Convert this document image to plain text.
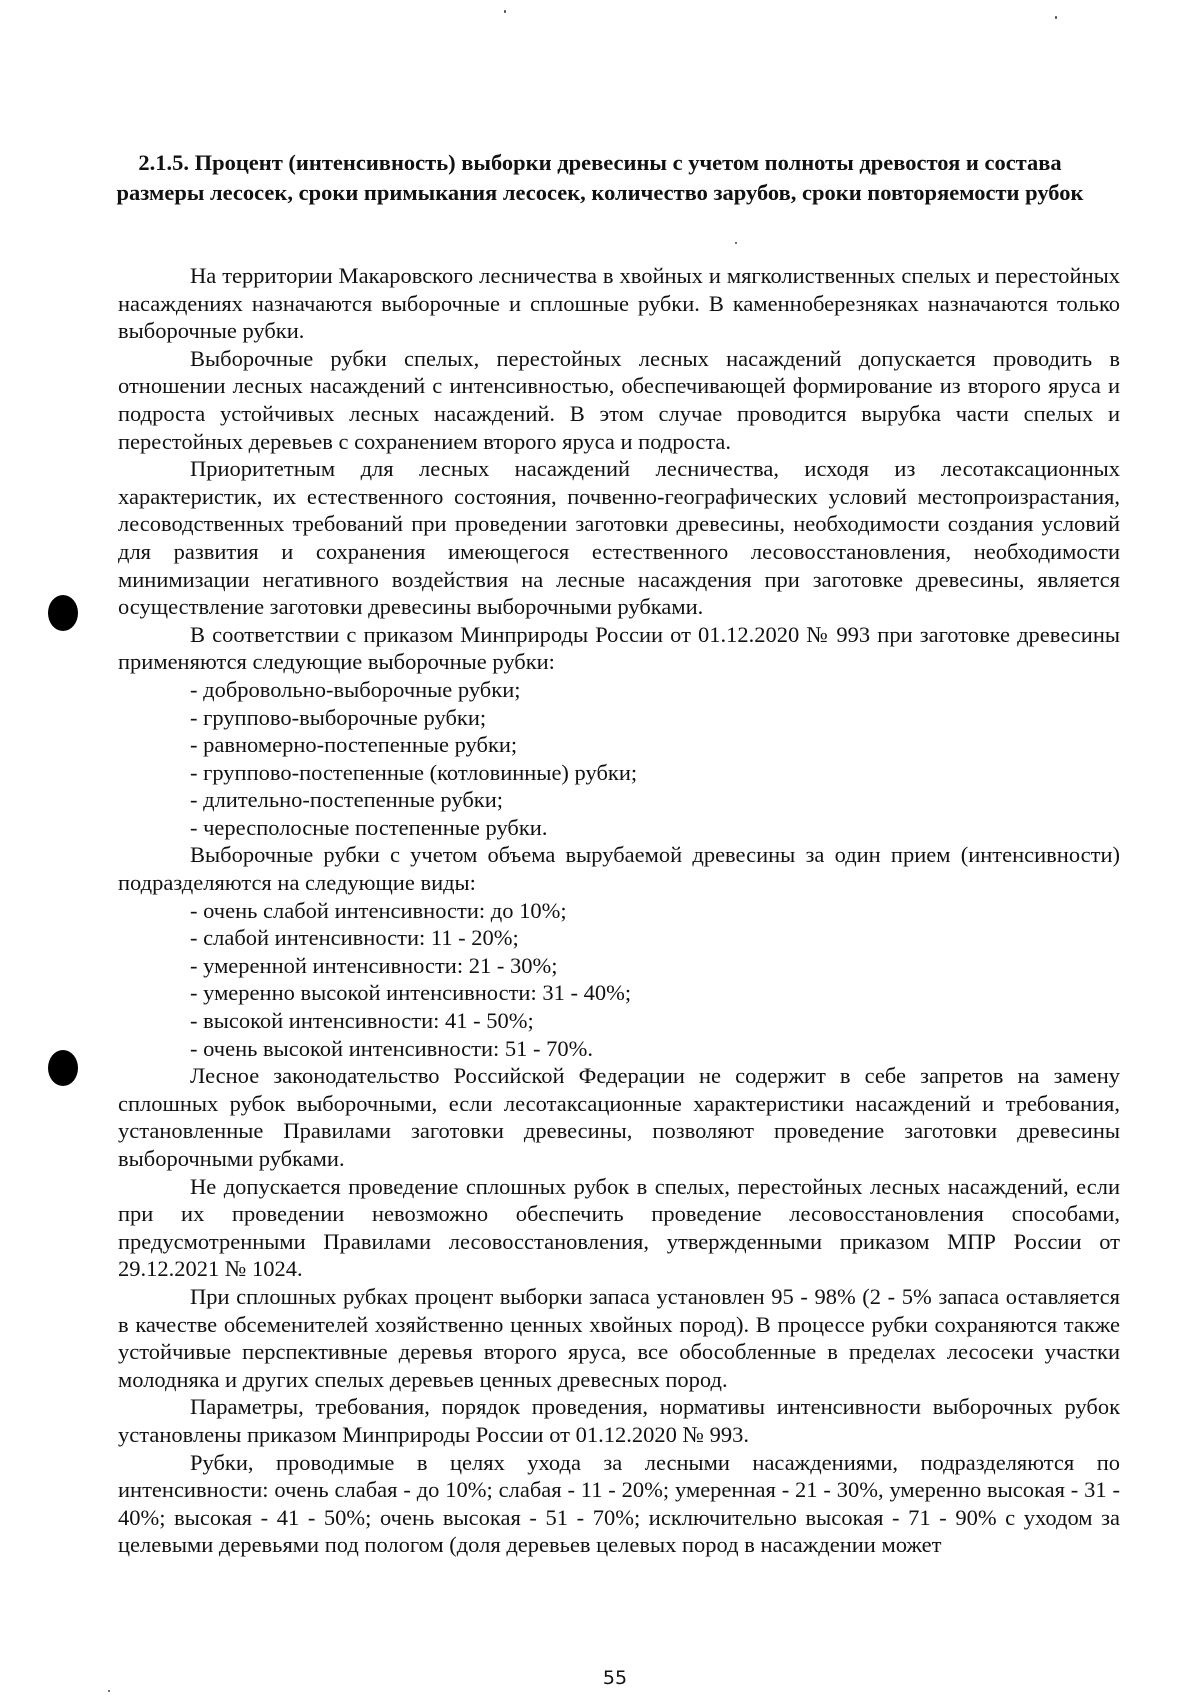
2.1.5. Процент (интенсивность) выборки древесины с учетом полноты древостоя и состава размеры лесосек, сроки примыкания лесосек, количество зарубов, сроки повторяемости рубок

На территории Макаровского лесничества в хвойных и мягколиственных спелых и перестойных насаждениях назначаются выборочные и сплошные рубки. В каменноберезняках назначаются только выборочные рубки.

Выборочные рубки спелых, перестойных лесных насаждений допускается проводить в отношении лесных насаждений с интенсивностью, обеспечивающей формирование из второго яруса и подроста устойчивых лесных насаждений. В этом случае проводится вырубка части спелых и перестойных деревьев с сохранением второго яруса и подроста.

Приоритетным для лесных насаждений лесничества, исходя из лесотаксационных характеристик, их естественного состояния, почвенно-географических условий местопроизрастания, лесоводственных требований при проведении заготовки древесины, необходимости создания условий для развития и сохранения имеющегося естественного лесовосстановления, необходимости минимизации негативного воздействия на лесные насаждения при заготовке древесины, является осуществление заготовки древесины выборочными рубками.

В соответствии с приказом Минприроды России от 01.12.2020 № 993 при заготовке древесины применяются следующие выборочные рубки:

- добровольно-выборочные рубки;
- группово-выборочные рубки;
- равномерно-постепенные рубки;
- группово-постепенные (котловинные) рубки;
- длительно-постепенные рубки;
- чересполосные постепенные рубки.

Выборочные рубки с учетом объема вырубаемой древесины за один прием (интенсивности) подразделяются на следующие виды:

- очень слабой интенсивности: до 10%;
- слабой интенсивности: 11 - 20%;
- умеренной интенсивности: 21 - 30%;
- умеренно высокой интенсивности: 31 - 40%;
- высокой интенсивности: 41 - 50%;
- очень высокой интенсивности: 51 - 70%.

Лесное законодательство Российской Федерации не содержит в себе запретов на замену сплошных рубок выборочными, если лесотаксационные характеристики насаждений и требования, установленные Правилами заготовки древесины, позволяют проведение заготовки древесины выборочными рубками.

Не допускается проведение сплошных рубок в спелых, перестойных лесных насаждений, если при их проведении невозможно обеспечить проведение лесовосстановления способами, предусмотренными Правилами лесовосстановления, утвержденными приказом МПР России от 29.12.2021 № 1024.

При сплошных рубках процент выборки запаса установлен 95 - 98% (2 - 5% запаса оставляется в качестве обсеменителей хозяйственно ценных хвойных пород). В процессе рубки сохраняются также устойчивые перспективные деревья второго яруса, все обособленные в пределах лесосеки участки молодняка и других спелых деревьев ценных древесных пород.

Параметры, требования, порядок проведения, нормативы интенсивности выборочных рубок установлены приказом Минприроды России от 01.12.2020 № 993.

Рубки, проводимые в целях ухода за лесными насаждениями, подразделяются по интенсивности: очень слабая - до 10%; слабая - 11 - 20%; умеренная - 21 - 30%, умеренно высокая - 31 - 40%; высокая - 41 - 50%; очень высокая - 51 - 70%; исключительно высокая - 71 - 90% с уходом за целевыми деревьями под пологом (доля деревьев целевых пород в насаждении может

55
